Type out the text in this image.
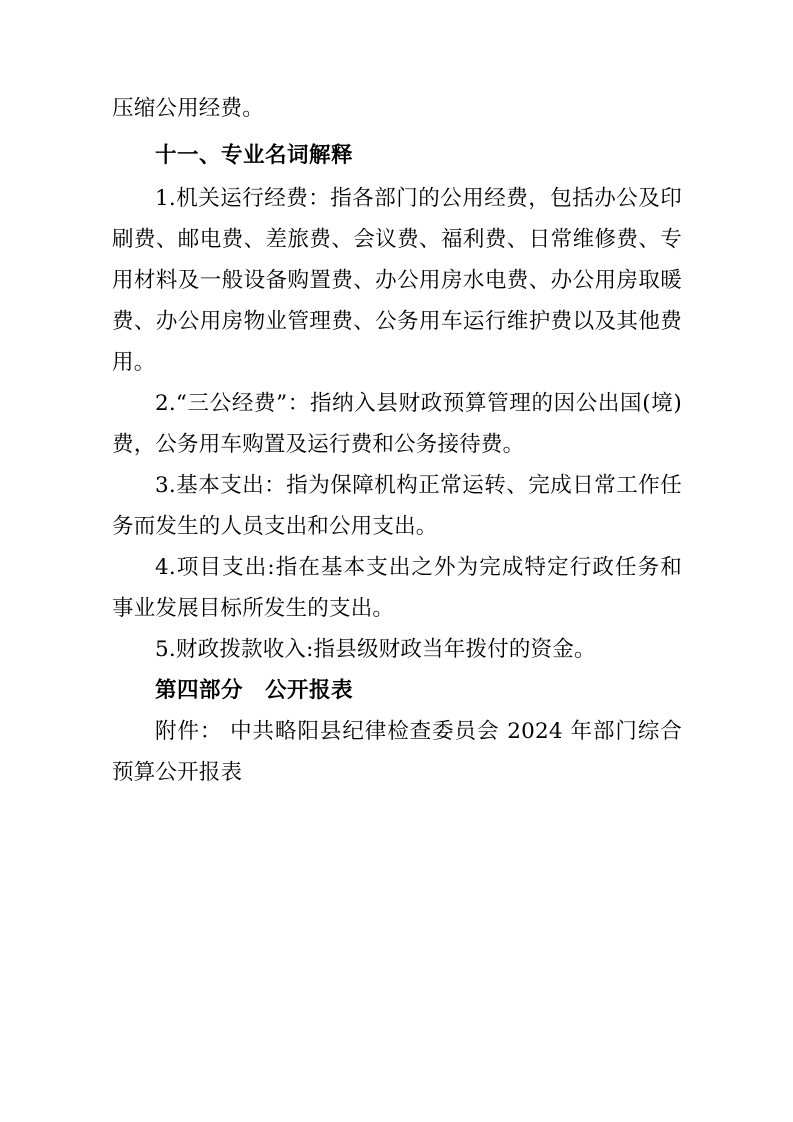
压缩公用经费。

十一、专业名词解释

1.机关运行经费：指各部门的公用经费，包括办公及印刷费、邮电费、差旅费、会议费、福利费、日常维修费、专用材料及一般设备购置费、办公用房水电费、办公用房取暖费、办公用房物业管理费、公务用车运行维护费以及其他费用。

2.“三公经费”：指纳入县财政预算管理的因公出国(境)费，公务用车购置及运行费和公务接待费。

3.基本支出：指为保障机构正常运转、完成日常工作任务而发生的人员支出和公用支出。

4.项目支出:指在基本支出之外为完成特定行政任务和事业发展目标所发生的支出。

5.财政拨款收入:指县级财政当年拨付的资金。

第四部分　公开报表

附件： 中共略阳县纪律检查委员会 2024 年部门综合预算公开报表
